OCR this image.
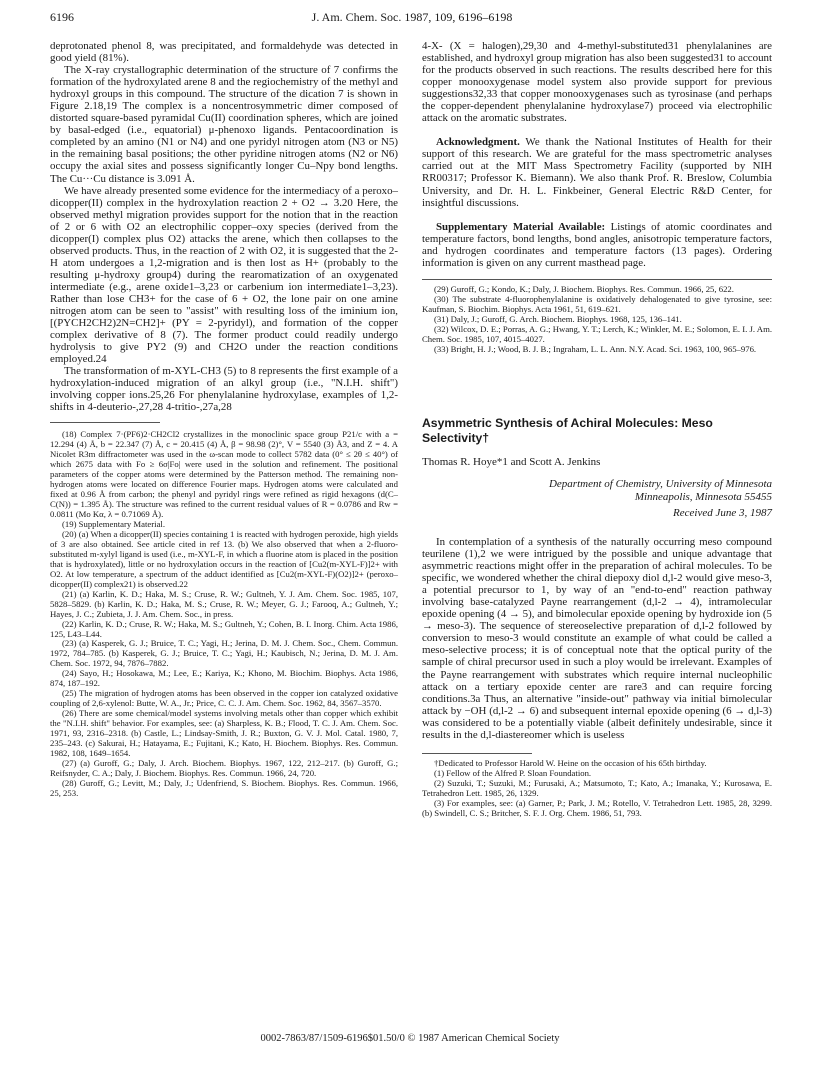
6196	J. Am. Chem. Soc. 1987, 109, 6196–6198

deprotonated phenol 8, was precipitated, and formaldehyde was detected in good yield (81%).

The X-ray crystallographic determination of the structure of 7 confirms the formation of the hydroxylated arene 8 and the regiochemistry of the methyl and hydroxyl groups in this compound. The structure of the dication 7 is shown in Figure 2.18,19 The complex is a noncentrosymmetric dimer composed of distorted square-based pyramidal Cu(II) coordination spheres, which are joined by basal-edged (i.e., equatorial) μ-phenoxo ligands. Pentacoordination is completed by an amino (N1 or N4) and one pyridyl nitrogen atom (N3 or N5) in the remaining basal positions; the other pyridine nitrogen atoms (N2 or N6) occupy the axial sites and possess significantly longer Cu–Npy bond lengths. The Cu···Cu distance is 3.091 Å.

We have already presented some evidence for the intermediacy of a peroxo–dicopper(II) complex in the hydroxylation reaction 2 + O2 → 3.20 Here, the observed methyl migration provides support for the notion that in the reaction of 2 or 6 with O2 an electrophilic copper–oxy species (derived from the dicopper(I) complex plus O2) attacks the arene, which then collapses to the observed products. Thus, in the reaction of 2 with O2, it is suggested that the 2-H atom undergoes a 1,2-migration and is then lost as H+ (probably to the resulting μ-hydroxy group4) during the rearomatization of an oxygenated intermediate (e.g., arene oxide1–3,23 or carbenium ion intermediate1–3,23). Rather than lose CH3+ for the case of 6 + O2, the lone pair on one amine nitrogen atom can be seen to "assist" with resulting loss of the iminium ion, [(PYCH2CH2)2N=CH2]+ (PY = 2-pyridyl), and formation of the copper complex derivative of 8 (7). The former product could readily undergo hydrolysis to give PY2 (9) and CH2O under the reaction conditions employed.24

The transformation of m-XYL-CH3 (5) to 8 represents the first example of a hydroxylation-induced migration of an alkyl group (i.e., "N.I.H. shift") involving copper ions.25,26 For phenylalanine hydroxylase, examples of 1,2-shifts in 4-deuterio-,27,28 4-tritio-,27a,28

(18) Complex 7·(PF6)2·CH2Cl2 crystallizes in the monoclinic space group P21/c with a = 12.294 (4) Å, b = 22.347 (7) Å, c = 20.415 (4) Å, β = 98.98 (2)°, V = 5540 (3) Å3, and Z = 4. A Nicolet R3m diffractometer was used in the ω-scan mode to collect 5782 data (0° ≤ 2θ ≤ 40°) of which 2675 data with Fo ≥ 6σ|Fo| were used in the solution and refinement. The positional parameters of the copper atoms were determined by the Patterson method. The remaining non-hydrogen atoms were located on difference Fourier maps. Hydrogen atoms were calculated and fixed at 0.96 Å from carbon; the phenyl and pyridyl rings were refined as rigid hexagons (d(C–C(N)) = 1.395 Å). The structure was refined to the current residual values of R = 0.0786 and Rw = 0.0811 (Mo Kα, λ = 0.71069 Å).

(19) Supplementary Material.

(20) (a) When a dicopper(II) species containing 1 is reacted with hydrogen peroxide, high yields of 3 are also obtained. See article cited in ref 13. (b) We also observed that when a 2-fluoro-substituted m-xylyl ligand is used (i.e., m-XYL-F, in which a fluorine atom is placed in the position that is hydroxylated), little or no hydroxylation occurs in the reaction of [Cu2(m-XYL-F)]2+ with O2. At low temperature, a spectrum of the adduct identified as [Cu2(m-XYL-F)(O2)]2+ (peroxo–dicopper(II) complex21) is observed.22

(21) (a) Karlin, K. D.; Haka, M. S.; Cruse, R. W.; Gultneh, Y. J. Am. Chem. Soc. 1985, 107, 5828–5829. (b) Karlin, K. D.; Haka, M. S.; Cruse, R. W.; Meyer, G. J.; Farooq, A.; Gultneh, Y.; Hayes, J. C.; Zubieta, J. J. Am. Chem. Soc., in press.

(22) Karlin, K. D.; Cruse, R. W.; Haka, M. S.; Gultneh, Y.; Cohen, B. I. Inorg. Chim. Acta 1986, 125, L43–L44.

(23) (a) Kasperek, G. J.; Bruice, T. C.; Yagi, H.; Jerina, D. M. J. Chem. Soc., Chem. Commun. 1972, 784–785. (b) Kasperek, G. J.; Bruice, T. C.; Yagi, H.; Kaubisch, N.; Jerina, D. M. J. Am. Chem. Soc. 1972, 94, 7876–7882.

(24) Sayo, H.; Hosokawa, M.; Lee, E.; Kariya, K.; Khono, M. Biochim. Biophys. Acta 1986, 874, 187–192.

(25) The migration of hydrogen atoms has been observed in the copper ion catalyzed oxidative coupling of 2,6-xylenol: Butte, W. A., Jr.; Price, C. C. J. Am. Chem. Soc. 1962, 84, 3567–3570.

(26) There are some chemical/model systems involving metals other than copper which exhibit the "N.I.H. shift" behavior. For examples, see: (a) Sharpless, K. B.; Flood, T. C. J. Am. Chem. Soc. 1971, 93, 2316–2318. (b) Castle, L.; Lindsay-Smith, J. R.; Buxton, G. V. J. Mol. Catal. 1980, 7, 235–243. (c) Sakurai, H.; Hatayama, E.; Fujitani, K.; Kato, H. Biochem. Biophys. Res. Commun. 1982, 108, 1649–1654.

(27) (a) Guroff, G.; Daly, J. Arch. Biochem. Biophys. 1967, 122, 212–217. (b) Guroff, G.; Reifsnyder, C. A.; Daly, J. Biochem. Biophys. Res. Commun. 1966, 24, 720.

(28) Guroff, G.; Levitt, M.; Daly, J.; Udenfriend, S. Biochem. Biophys. Res. Commun. 1966, 25, 253.

4-X- (X = halogen),29,30 and 4-methyl-substituted31 phenylalanines are established, and hydroxyl group migration has also been suggested31 to account for the products observed in such reactions. The results described here for this copper monooxygenase model system also provide support for previous suggestions32,33 that copper monooxygenases such as tyrosinase (and perhaps the copper-dependent phenylalanine hydroxylase7) proceed via electrophilic attack on the aromatic substrates.

Acknowledgment. We thank the National Institutes of Health for their support of this research. We are grateful for the mass spectrometric analyses carried out at the MIT Mass Spectrometry Facility (supported by NIH RR00317; Professor K. Biemann). We also thank Prof. R. Breslow, Columbia University, and Dr. H. L. Finkbeiner, General Electric R&D Center, for insightful discussions.

Supplementary Material Available: Listings of atomic coordinates and temperature factors, bond lengths, bond angles, anisotropic temperature factors, and hydrogen coordinates and temperature factors (13 pages). Ordering information is given on any current masthead page.

(29) Guroff, G.; Kondo, K.; Daly, J. Biochem. Biophys. Res. Commun. 1966, 25, 622.

(30) The substrate 4-fluorophenylalanine is oxidatively dehalogenated to give tyrosine, see: Kaufman, S. Biochim. Biophys. Acta 1961, 51, 619–621.

(31) Daly, J.; Guroff, G. Arch. Biochem. Biophys. 1968, 125, 136–141.

(32) Wilcox, D. E.; Porras, A. G.; Hwang, Y. T.; Lerch, K.; Winkler, M. E.; Solomon, E. I. J. Am. Chem. Soc. 1985, 107, 4015–4027.

(33) Bright, H. J.; Wood, B. J. B.; Ingraham, L. L. Ann. N.Y. Acad. Sci. 1963, 100, 965–976.

Asymmetric Synthesis of Achiral Molecules: Meso Selectivity†
Thomas R. Hoye*1 and Scott A. Jenkins
Department of Chemistry, University of Minnesota
Minneapolis, Minnesota 55455
Received June 3, 1987

In contemplation of a synthesis of the naturally occurring meso compound teurilene (1),2 we were intrigued by the possible and unique advantage that asymmetric reactions might offer in the preparation of achiral molecules. To be specific, we wondered whether the chiral diepoxy diol d,l-2 would give meso-3, a potential precursor to 1, by way of an "end-to-end" reaction pathway involving base-catalyzed Payne rearrangement (d,l-2 → 4), intramolecular epoxide opening (4 → 5), and bimolecular epoxide opening by hydroxide ion (5 → meso-3). The sequence of stereoselective preparation of d,l-2 followed by conversion to meso-3 would constitute an example of what could be called a meso-selective process; it is of conceptual note that the optical purity of the sample of chiral precursor used in such a ploy would be irrelevant. Examples of the Payne rearrangement with substrates which require internal nucleophilic attack on a tertiary epoxide center are rare3 and can require forcing conditions.3a Thus, an alternative "inside-out" pathway via initial bimolecular attack by −OH (d,l-2 → 6) and subsequent internal epoxide opening (6 → d,l-3) was considered to be a potentially viable (albeit definitely undesirable, since it results in the d,l-diastereomer which is useless

†Dedicated to Professor Harold W. Heine on the occasion of his 65th birthday.

(1) Fellow of the Alfred P. Sloan Foundation.

(2) Suzuki, T.; Suzuki, M.; Furusaki, A.; Matsumoto, T.; Kato, A.; Imanaka, Y.; Kurosawa, E. Tetrahedron Lett. 1985, 26, 1329.

(3) For examples, see: (a) Garner, P.; Park, J. M.; Rotello, V. Tetrahedron Lett. 1985, 28, 3299. (b) Swindell, C. S.; Britcher, S. F. J. Org. Chem. 1986, 51, 793.

0002-7863/87/1509-6196$01.50/0 © 1987 American Chemical Society
